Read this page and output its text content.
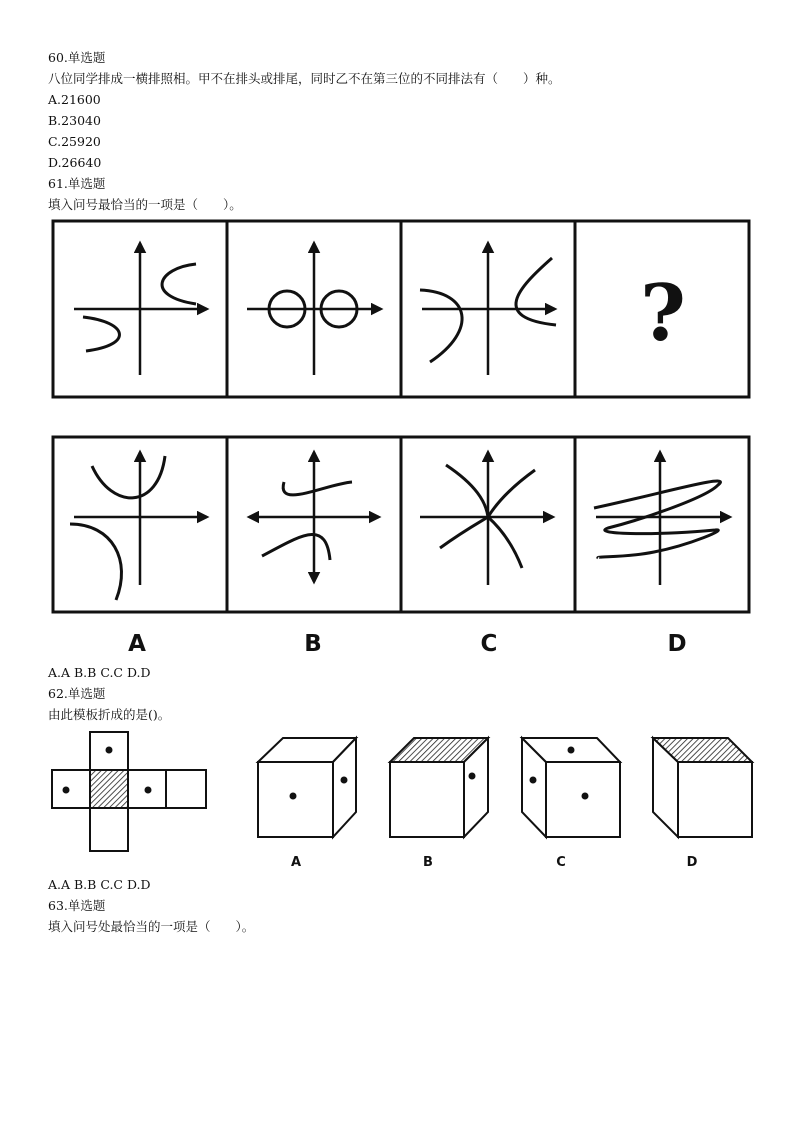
60.单选题
八位同学排成一横排照相。甲不在排头或排尾，同时乙不在第三位的不同排法有（　　）种。
A.21600
B.23040
C.25920
D.26640
61.单选题
填入问号最恰当的一项是（　　）。
?
A	B	C	D
A.A B.B C.C D.D
62.单选题
由此模板折成的是()。
A	B	C	D
A.A B.B C.C D.D
63.单选题
填入问号处最恰当的一项是（　　）。
